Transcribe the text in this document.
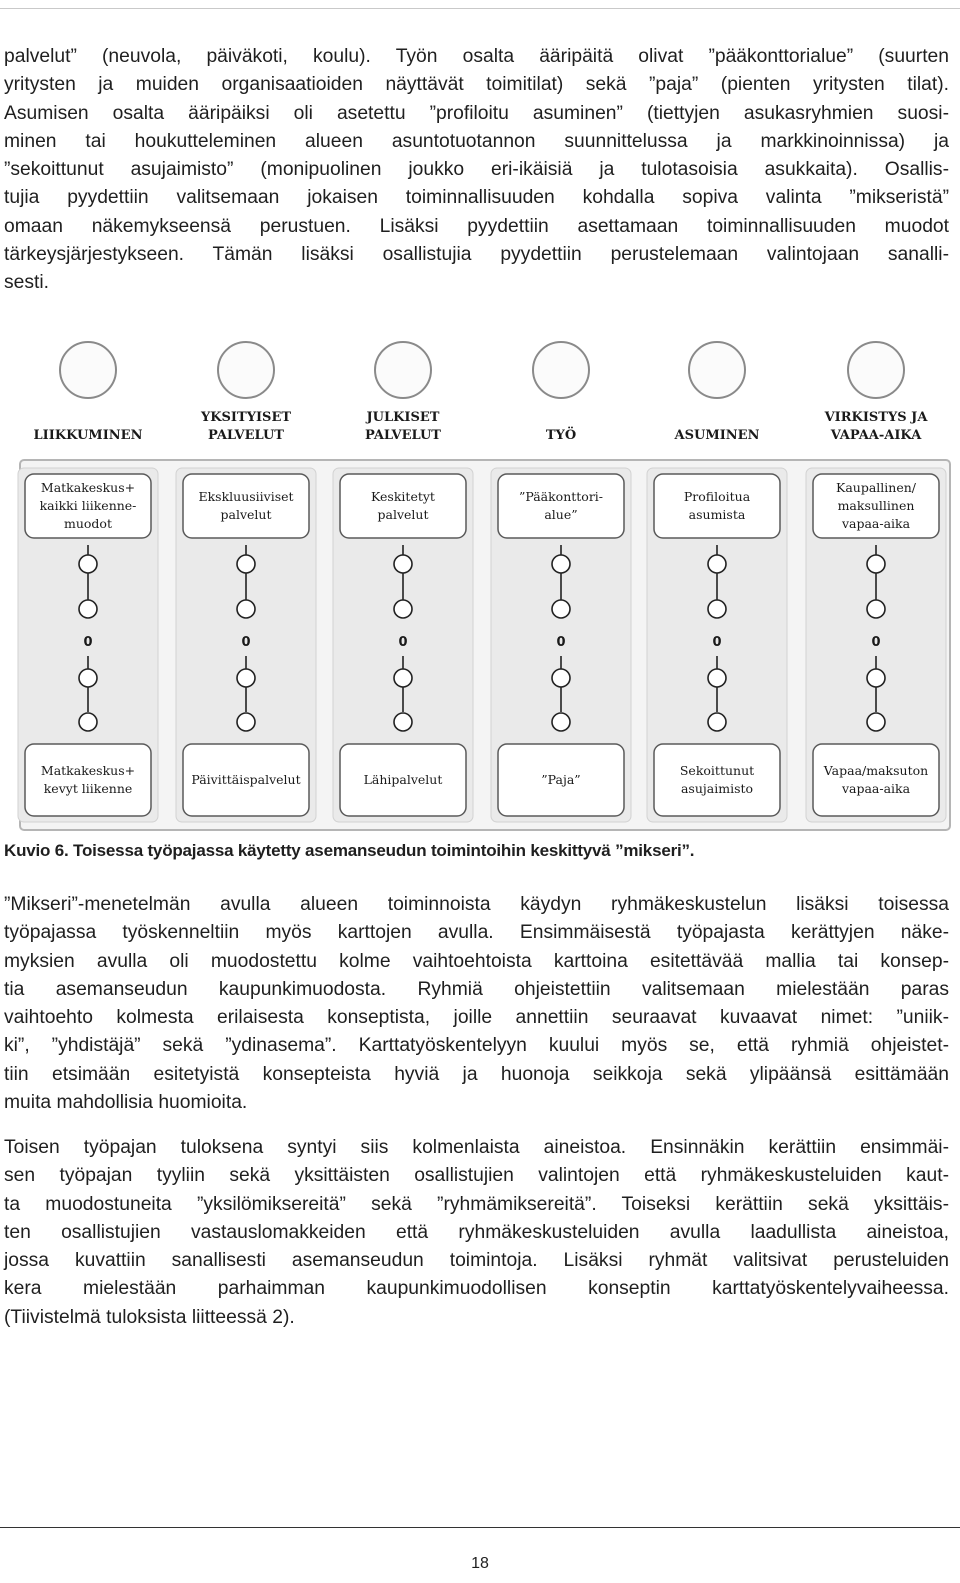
palvelut” (neuvola, päiväkoti, koulu). Työn osalta ääripäitä olivat ”pääkonttorialue” (suurten
yritysten ja muiden organisaatioiden näyttävät toimitilat) sekä ”paja” (pienten yritysten tilat).
Asumisen osalta ääripäiksi oli asetettu ”profiloitu asuminen” (tiettyjen asukasryhmien suosi-
minen tai houkutteleminen alueen asuntotuotannon suunnittelussa ja markkinoinnissa) ja
”sekoittunut asujaimisto” (monipuolinen joukko eri-ikäisiä ja tulotasoisia asukkaita). Osallis-
tujia pyydettiin valitsemaan jokaisen toiminnallisuuden kohdalla sopiva valinta ”mikseristä”
omaan näkemykseensä perustuen. Lisäksi pyydettiin asettamaan toiminnallisuuden muodot
tärkeysjärjestykseen. Tämän lisäksi osallistujia pyydettiin perustelemaan valintojaan sanalli-
sesti.

LIIKKUMINEN
Matkakeskus+
kaikki liikenne-
muodot
Matkakeskus+
kevyt liikenne
0
YKSITYISET
PALVELUT
Ekskluusiiviset
palvelut
Päivittäispalvelut
0
JULKISET
PALVELUT
Keskitetyt
palvelut
Lähipalvelut
0
TYÖ
”Pääkonttori-
alue”
”Paja”
0
ASUMINEN
Profiloitua
asumista
Sekoittunut
asujaimisto
0
VIRKISTYS JA
VAPAA-AIKA
Kaupallinen/
maksullinen
vapaa-aika
Vapaa/maksuton
vapaa-aika
0

Kuvio 6. Toisessa työpajassa käytetty asemanseudun toimintoihin keskittyvä ”mikseri”.

”Mikseri”-menetelmän avulla alueen toiminnoista käydyn ryhmäkeskustelun lisäksi toisessa
työpajassa työskenneltiin myös karttojen avulla. Ensimmäisestä työpajasta kerättyjen näke-
myksien avulla oli muodostettu kolme vaihtoehtoista karttoina esitettävää mallia tai konsep-
tia asemanseudun kaupunkimuodosta. Ryhmiä ohjeistettiin valitsemaan mielestään paras
vaihtoehto kolmesta erilaisesta konseptista, joille annettiin seuraavat kuvaavat nimet: ”uniik-
ki”, ”yhdistäjä” sekä ”ydinasema”. Karttatyöskentelyyn kuului myös se, että ryhmiä ohjeistet-
tiin etsimään esitetyistä konsepteista hyviä ja huonoja seikkoja sekä ylipäänsä esittämään
muita mahdollisia huomioita.

Toisen työpajan tuloksena syntyi siis kolmenlaista aineistoa. Ensinnäkin kerättiin ensimmäi-
sen työpajan tyyliin sekä yksittäisten osallistujien valintojen että ryhmäkeskusteluiden kaut-
ta muodostuneita ”yksilömiksereitä” sekä ”ryhmämiksereitä”. Toiseksi kerättiin sekä yksittäis-
ten osallistujien vastauslomakkeiden että ryhmäkeskusteluiden avulla laadullista aineistoa,
jossa kuvattiin sanallisesti asemanseudun toimintoja. Lisäksi ryhmät valitsivat perusteluiden
kera mielestään parhaimman kaupunkimuodollisen konseptin karttatyöskentelyvaiheessa.
(Tiivistelmä tuloksista liitteessä 2).

18
